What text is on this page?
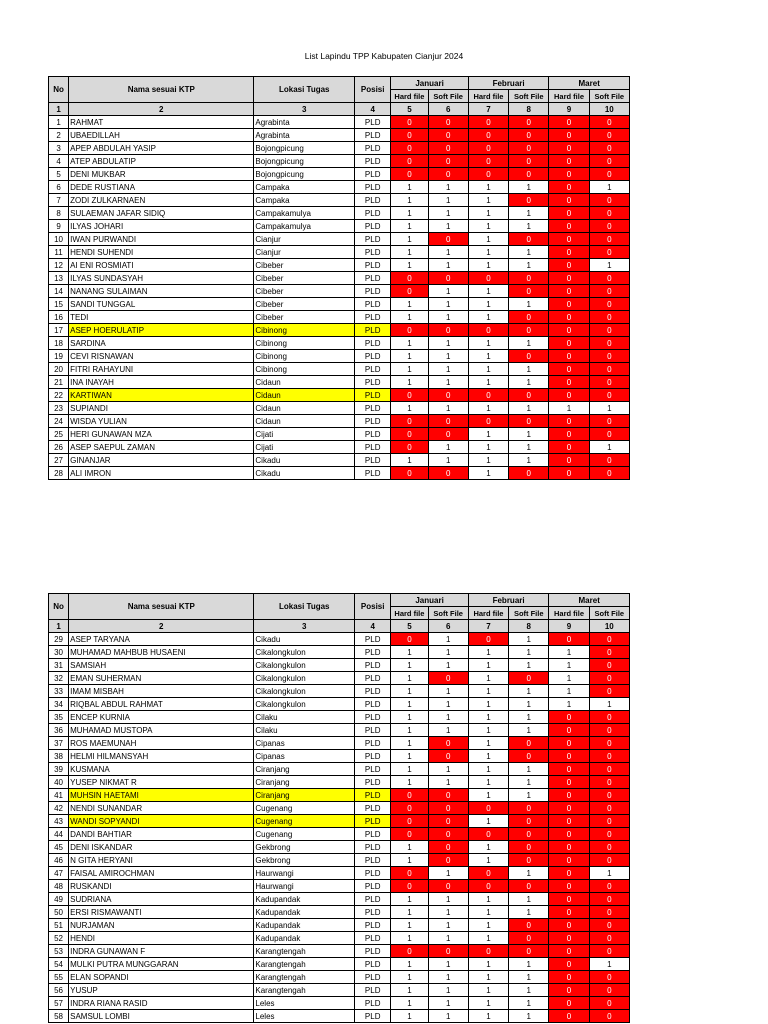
List Lapindu TPP Kabupaten Cianjur 2024
No	Nama sesuai KTP	Lokasi Tugas	Posisi	Januari		Februari		Maret	
				Hard file	Soft File	Hard file	Soft File	Hard file	Soft File
1	2	3	4	5	6	7	8	9	10
1	RAHMAT	Agrabinta	PLD	0	0	0	0	0	0
2	UBAEDILLAH	Agrabinta	PLD	0	0	0	0	0	0
3	APEP ABDULAH YASIP	Bojongpicung	PLD	0	0	0	0	0	0
4	ATEP ABDULATIP	Bojongpicung	PLD	0	0	0	0	0	0
5	DENI MUKBAR	Bojongpicung	PLD	0	0	0	0	0	0
6	DEDE RUSTIANA	Campaka	PLD	1	1	1	1	0	1
7	ZODI ZULKARNAEN	Campaka	PLD	1	1	1	0	0	0
8	SULAEMAN JAFAR SIDIQ	Campakamulya	PLD	1	1	1	1	0	0
9	ILYAS JOHARI	Campakamulya	PLD	1	1	1	1	0	0
10	IWAN PURWANDI	Cianjur	PLD	1	0	1	0	0	0
11	HENDI SUHENDI	Cianjur	PLD	1	1	1	1	0	0
12	AI ENI ROSMIATI	Cibeber	PLD	1	1	1	1	0	1
13	ILYAS SUNDASYAH	Cibeber	PLD	0	0	0	0	0	0
14	NANANG SULAIMAN	Cibeber	PLD	0	1	1	0	0	0
15	SANDI TUNGGAL	Cibeber	PLD	1	1	1	1	0	0
16	TEDI	Cibeber	PLD	1	1	1	0	0	0
17	ASEP HOERULATIP	Cibinong	PLD	0	0	0	0	0	0
18	SARDINA	Cibinong	PLD	1	1	1	1	0	0
19	CEVI RISNAWAN	Cibinong	PLD	1	1	1	0	0	0
20	FITRI RAHAYUNI	Cibinong	PLD	1	1	1	1	0	0
21	INA INAYAH	Cidaun	PLD	1	1	1	1	0	0
22	KARTIWAN	Cidaun	PLD	0	0	0	0	0	0
23	SUPIANDI	Cidaun	PLD	1	1	1	1	1	1
24	WISDA YULIAN	Cidaun	PLD	0	0	0	0	0	0
25	HERI GUNAWAN MZA	Cijati	PLD	0	0	1	1	0	0
26	ASEP SAEPUL ZAMAN	Cijati	PLD	0	1	1	1	0	1
27	GINANJAR	Cikadu	PLD	1	1	1	1	0	0
28	ALI IMRON	Cikadu	PLD	0	0	1	0	0	0
No	Nama sesuai KTP	Lokasi Tugas	Posisi	Januari		Februari		Maret	
				Hard file	Soft File	Hard file	Soft File	Hard file	Soft File
1	2	3	4	5	6	7	8	9	10
29	ASEP TARYANA	Cikadu	PLD	0	1	0	1	0	0
30	MUHAMAD MAHBUB HUSAENI	Cikalongkulon	PLD	1	1	1	1	1	0
31	SAMSIAH	Cikalongkulon	PLD	1	1	1	1	1	0
32	EMAN SUHERMAN	Cikalongkulon	PLD	1	0	1	0	1	0
33	IMAM MISBAH	Cikalongkulon	PLD	1	1	1	1	1	0
34	RIQBAL ABDUL RAHMAT	Cikalongkulon	PLD	1	1	1	1	1	1
35	ENCEP KURNIA	Cilaku	PLD	1	1	1	1	0	0
36	MUHAMAD MUSTOPA	Cilaku	PLD	1	1	1	1	0	0
37	ROS MAEMUNAH	Cipanas	PLD	1	0	1	0	0	0
38	HELMI HILMANSYAH	Cipanas	PLD	1	0	1	0	0	0
39	KUSMANA	Ciranjang	PLD	1	1	1	1	0	0
40	YUSEP NIKMAT R	Ciranjang	PLD	1	1	1	1	0	0
41	MUHSIN HAETAMI	Ciranjang	PLD	0	0	1	1	0	0
42	NENDI SUNANDAR	Cugenang	PLD	0	0	0	0	0	0
43	WANDI SOPYANDI	Cugenang	PLD	0	0	1	0	0	0
44	DANDI BAHTIAR	Cugenang	PLD	0	0	0	0	0	0
45	DENI ISKANDAR	Gekbrong	PLD	1	0	1	0	0	0
46	N GITA HERYANI	Gekbrong	PLD	1	0	1	0	0	0
47	FAISAL AMIROCHMAN	Haurwangi	PLD	0	1	0	1	0	1
48	RUSKANDI	Haurwangi	PLD	0	0	0	0	0	0
49	SUDRIANA	Kadupandak	PLD	1	1	1	1	0	0
50	ERSI RISMAWANTI	Kadupandak	PLD	1	1	1	1	0	0
51	NURJAMAN	Kadupandak	PLD	1	1	1	0	0	0
52	HENDI	Kadupandak	PLD	1	1	1	0	0	0
53	INDRA GUNAWAN F	Karangtengah	PLD	0	0	0	0	0	0
54	MULKI PUTRA MUNGGARAN	Karangtengah	PLD	1	1	1	1	0	1
55	ELAN SOPANDI	Karangtengah	PLD	1	1	1	1	0	0
56	YUSUP	Karangtengah	PLD	1	1	1	1	0	0
57	INDRA RIANA RASID	Leles	PLD	1	1	1	1	0	0
58	SAMSUL LOMBI	Leles	PLD	1	1	1	1	0	0
